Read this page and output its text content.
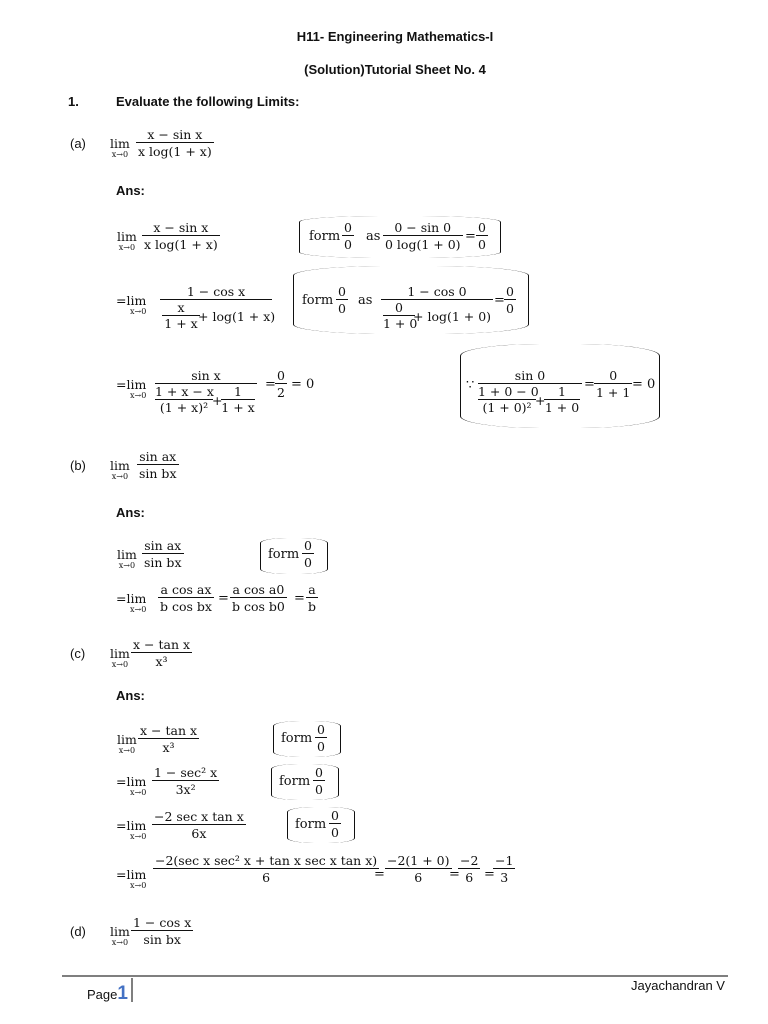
H11- Engineering Mathematics-I
(Solution)Tutorial Sheet No. 4
1.	Evaluate the following Limits:
(a) lim
$x\to 0 \frac{\text{x − sin x}}{\text{x log(1 + x)}}$
Ans:
lim
$x\to 0 \frac{\text{x − sin x}}{\text{x log(1 + x)}}$	form $\frac{0}{0}$ as $\frac{0 - \sin 0}{0 \log(1 + 0)} = \frac{0}{0}$
=lim
x→0 1 − cos x
x
1 + x + log(1 + x) form $\frac{0}{0}$ as 1 − cos 0
0
1 + 0
+ $\log(1 + 0) = \frac{0}{0}$
=lim
x→0 sin x
1 + x − x
(1 + x)² +
1
$1 + x = \frac{0}{2} = 0$	∵ sin 0
1 + 0 − 0
(1 + 0)² +
1
$1 + 0 = \frac{0}{1 + 1} = 0$
(b) lim
$x\to 0 \frac{\text{sin ax}}{\text{sin bx}}$
Ans:
lim
$x\to 0 \frac{\text{sin ax}}{\text{sin bx}}$	form $\frac{0}{0}$
=lim
$x\to 0 \frac{\text{a cos ax}}{\text{b cos bx}} = \frac{\text{a cos a0}}{\text{b cos b0}} = \frac{a}{b}$
(c) lim
$x\to 0 \frac{\text{x − tan x}}{\text{x³}}$
Ans:
lim
$x\to 0 \frac{\text{x − tan x}}{\text{x³}}$	form $\frac{0}{0}$
=lim
x→0
1 − sec² x
3x²
form $\frac{0}{0}$
=lim
x→0
−2 sec x tan x
6x
form $\frac{0}{0}$
=lim
x→0
−2(sec x sec² x + tan x sec x tan x)
6	= $\frac{-2(1 + 0)}{6}$
=
$\frac{-2}{6}$ =
$\frac{-1}{3}$
(d) lim
$x\to 0 \frac{\text{1 − cos x}}{\text{sin bx}}$
Page1	Jayachandran V
